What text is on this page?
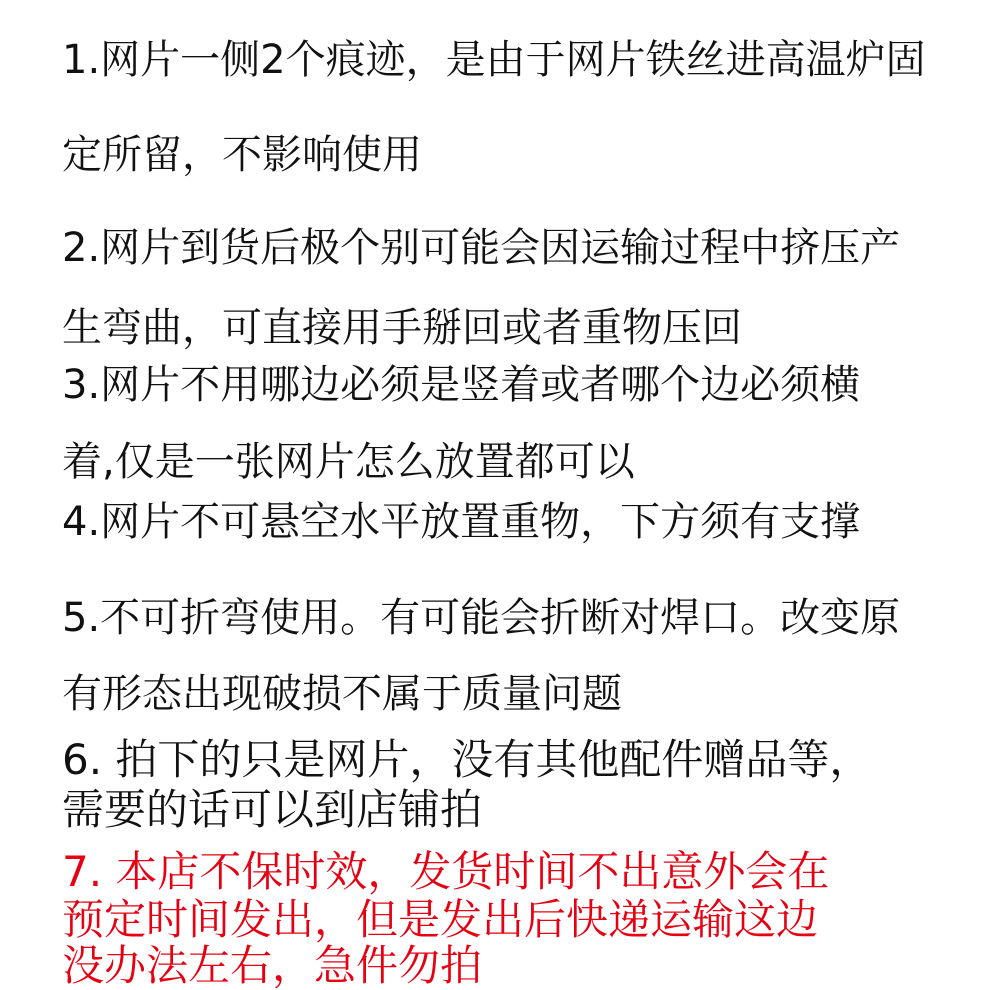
1.网片一侧2个痕迹，是由于网片铁丝进高温炉固
定所留，不影响使用
2.网片到货后极个别可能会因运输过程中挤压产
生弯曲，可直接用手掰回或者重物压回
3.网片不用哪边必须是竖着或者哪个边必须横
着,仅是一张网片怎么放置都可以
4.网片不可悬空水平放置重物，下方须有支撑
5.不可折弯使用。有可能会折断对焊口。改变原
有形态出现破损不属于质量问题
6. 拍下的只是网片，没有其他配件赠品等，
需要的话可以到店铺拍
7. 本店不保时效，发货时间不出意外会在
预定时间发出，但是发出后快递运输这边
没办法左右，急件勿拍
